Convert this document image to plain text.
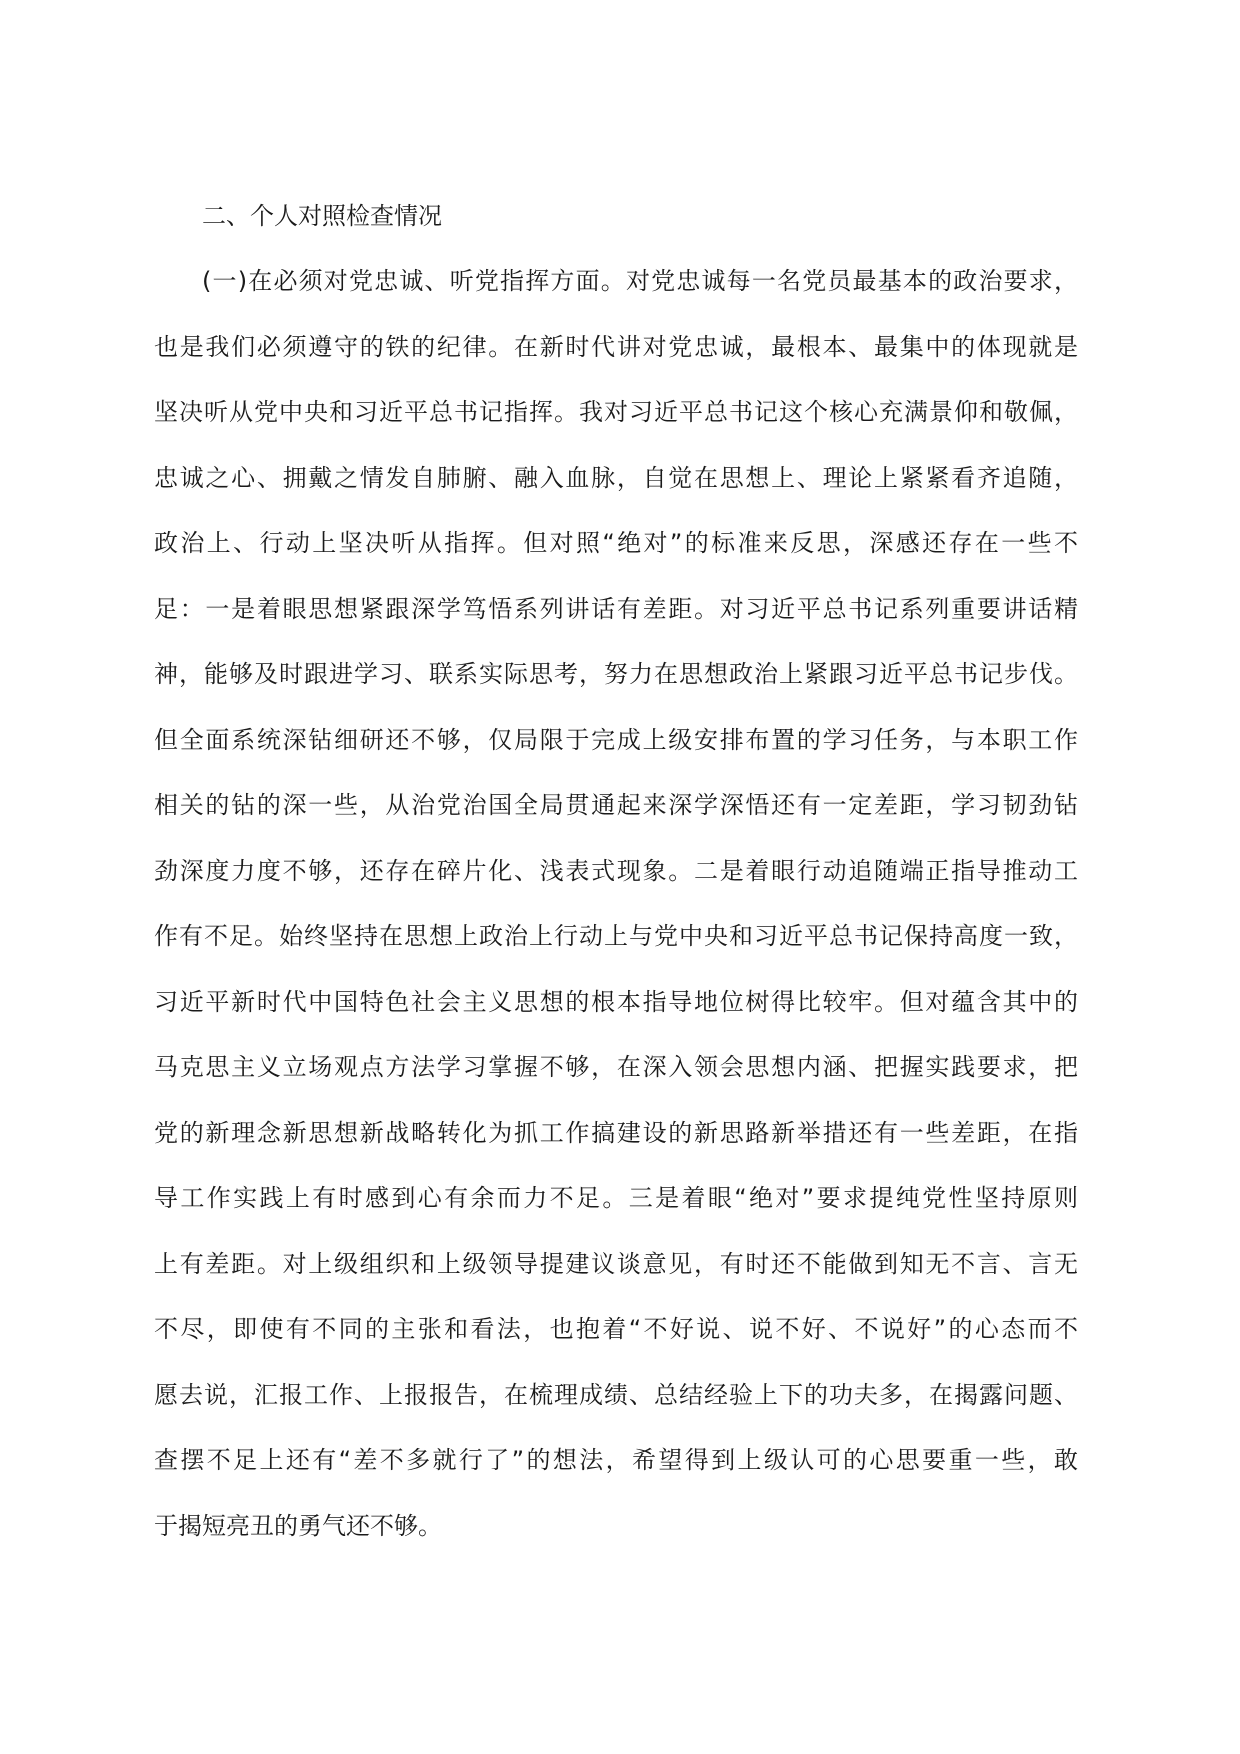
二、个人对照检查情况
(一)在必须对党忠诚、听党指挥方面。对党忠诚每一名党员最基本的政治要求，
也是我们必须遵守的铁的纪律。在新时代讲对党忠诚，最根本、最集中的体现就是
坚决听从党中央和习近平总书记指挥。我对习近平总书记这个核心充满景仰和敬佩，
忠诚之心、拥戴之情发自肺腑、融入血脉，自觉在思想上、理论上紧紧看齐追随，
政治上、行动上坚决听从指挥。但对照“绝对”的标准来反思，深感还存在一些不
足：一是着眼思想紧跟深学笃悟系列讲话有差距。对习近平总书记系列重要讲话精
神，能够及时跟进学习、联系实际思考，努力在思想政治上紧跟习近平总书记步伐。
但全面系统深钻细研还不够，仅局限于完成上级安排布置的学习任务，与本职工作
相关的钻的深一些，从治党治国全局贯通起来深学深悟还有一定差距，学习韧劲钻
劲深度力度不够，还存在碎片化、浅表式现象。二是着眼行动追随端正指导推动工
作有不足。始终坚持在思想上政治上行动上与党中央和习近平总书记保持高度一致，
习近平新时代中国特色社会主义思想的根本指导地位树得比较牢。但对蕴含其中的
马克思主义立场观点方法学习掌握不够，在深入领会思想内涵、把握实践要求，把
党的新理念新思想新战略转化为抓工作搞建设的新思路新举措还有一些差距，在指
导工作实践上有时感到心有余而力不足。三是着眼“绝对”要求提纯党性坚持原则
上有差距。对上级组织和上级领导提建议谈意见，有时还不能做到知无不言、言无
不尽，即使有不同的主张和看法，也抱着“不好说、说不好、不说好”的心态而不
愿去说，汇报工作、上报报告，在梳理成绩、总结经验上下的功夫多，在揭露问题、
查摆不足上还有“差不多就行了”的想法，希望得到上级认可的心思要重一些，敢
于揭短亮丑的勇气还不够。
